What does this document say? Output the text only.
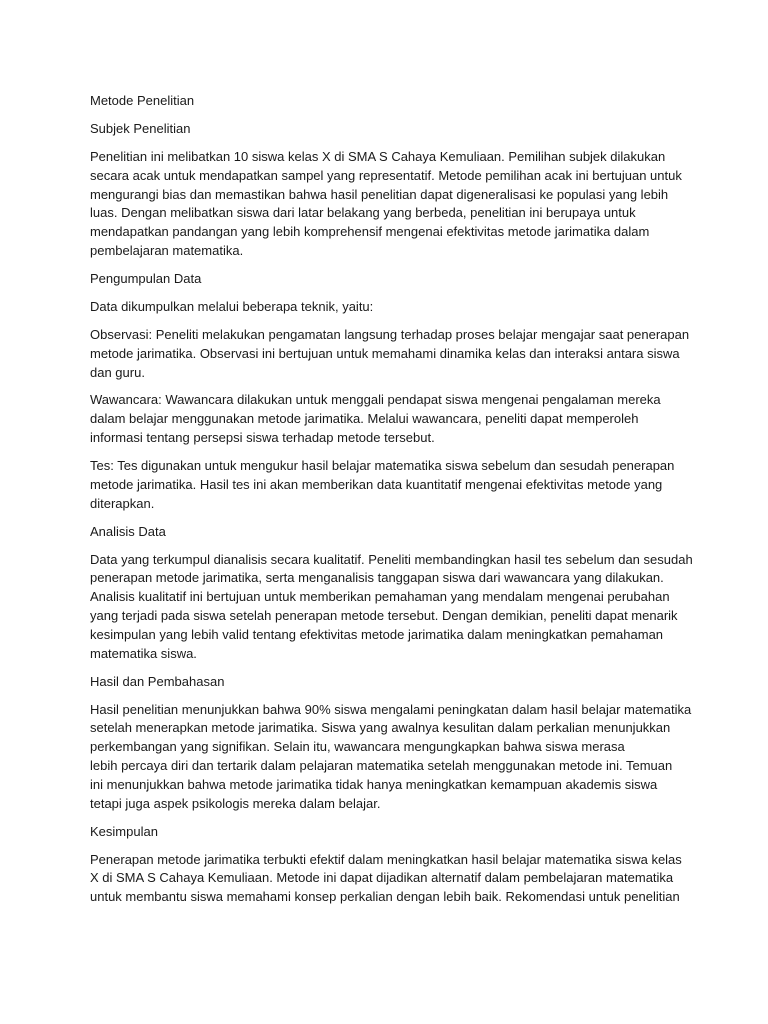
Metode Penelitian

Subjek Penelitian

Penelitian ini melibatkan 10 siswa kelas X di SMA S Cahaya Kemuliaan. Pemilihan subjek dilakukan
secara acak untuk mendapatkan sampel yang representatif. Metode pemilihan acak ini bertujuan untuk
mengurangi bias dan memastikan bahwa hasil penelitian dapat digeneralisasi ke populasi yang lebih
luas. Dengan melibatkan siswa dari latar belakang yang berbeda, penelitian ini berupaya untuk
mendapatkan pandangan yang lebih komprehensif mengenai efektivitas metode jarimatika dalam
pembelajaran matematika.

Pengumpulan Data

Data dikumpulkan melalui beberapa teknik, yaitu:

Observasi: Peneliti melakukan pengamatan langsung terhadap proses belajar mengajar saat penerapan
metode jarimatika. Observasi ini bertujuan untuk memahami dinamika kelas dan interaksi antara siswa
dan guru.

Wawancara: Wawancara dilakukan untuk menggali pendapat siswa mengenai pengalaman mereka
dalam belajar menggunakan metode jarimatika. Melalui wawancara, peneliti dapat memperoleh
informasi tentang persepsi siswa terhadap metode tersebut.

Tes: Tes digunakan untuk mengukur hasil belajar matematika siswa sebelum dan sesudah penerapan
metode jarimatika. Hasil tes ini akan memberikan data kuantitatif mengenai efektivitas metode yang
diterapkan.

Analisis Data

Data yang terkumpul dianalisis secara kualitatif. Peneliti membandingkan hasil tes sebelum dan sesudah
penerapan metode jarimatika, serta menganalisis tanggapan siswa dari wawancara yang dilakukan.
Analisis kualitatif ini bertujuan untuk memberikan pemahaman yang mendalam mengenai perubahan
yang terjadi pada siswa setelah penerapan metode tersebut. Dengan demikian, peneliti dapat menarik
kesimpulan yang lebih valid tentang efektivitas metode jarimatika dalam meningkatkan pemahaman
matematika siswa.

Hasil dan Pembahasan

Hasil penelitian menunjukkan bahwa 90% siswa mengalami peningkatan dalam hasil belajar matematika
setelah menerapkan metode jarimatika. Siswa yang awalnya kesulitan dalam perkalian menunjukkan
perkembangan yang signifikan. Selain itu, wawancara mengungkapkan bahwa siswa merasa
lebih percaya diri dan tertarik dalam pelajaran matematika setelah menggunakan metode ini. Temuan
ini menunjukkan bahwa metode jarimatika tidak hanya meningkatkan kemampuan akademis siswa
tetapi juga aspek psikologis mereka dalam belajar.

Kesimpulan

Penerapan metode jarimatika terbukti efektif dalam meningkatkan hasil belajar matematika siswa kelas
X di SMA S Cahaya Kemuliaan. Metode ini dapat dijadikan alternatif dalam pembelajaran matematika
untuk membantu siswa memahami konsep perkalian dengan lebih baik. Rekomendasi untuk penelitian
